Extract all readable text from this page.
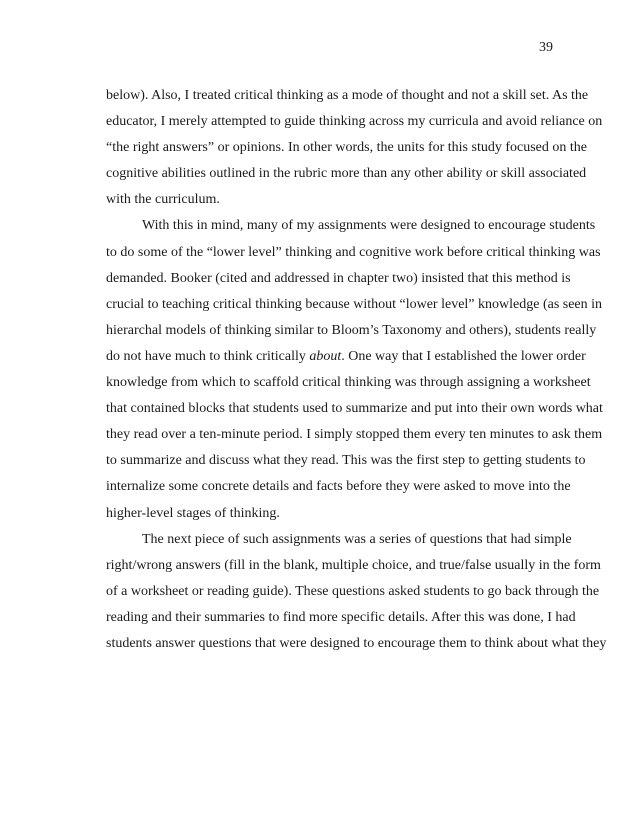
39
below). Also, I treated critical thinking as a mode of thought and not a skill set. As the
educator, I merely attempted to guide thinking across my curricula and avoid reliance on
“the right answers” or opinions. In other words, the units for this study focused on the
cognitive abilities outlined in the rubric more than any other ability or skill associated
with the curriculum.
With this in mind, many of my assignments were designed to encourage students
to do some of the “lower level” thinking and cognitive work before critical thinking was
demanded. Booker (cited and addressed in chapter two) insisted that this method is
crucial to teaching critical thinking because without “lower level” knowledge (as seen in
hierarchal models of thinking similar to Bloom’s Taxonomy and others), students really
do not have much to think critically about. One way that I established the lower order
knowledge from which to scaffold critical thinking was through assigning a worksheet
that contained blocks that students used to summarize and put into their own words what
they read over a ten-minute period. I simply stopped them every ten minutes to ask them
to summarize and discuss what they read. This was the first step to getting students to
internalize some concrete details and facts before they were asked to move into the
higher-level stages of thinking.
The next piece of such assignments was a series of questions that had simple
right/wrong answers (fill in the blank, multiple choice, and true/false usually in the form
of a worksheet or reading guide). These questions asked students to go back through the
reading and their summaries to find more specific details. After this was done, I had
students answer questions that were designed to encourage them to think about what they
